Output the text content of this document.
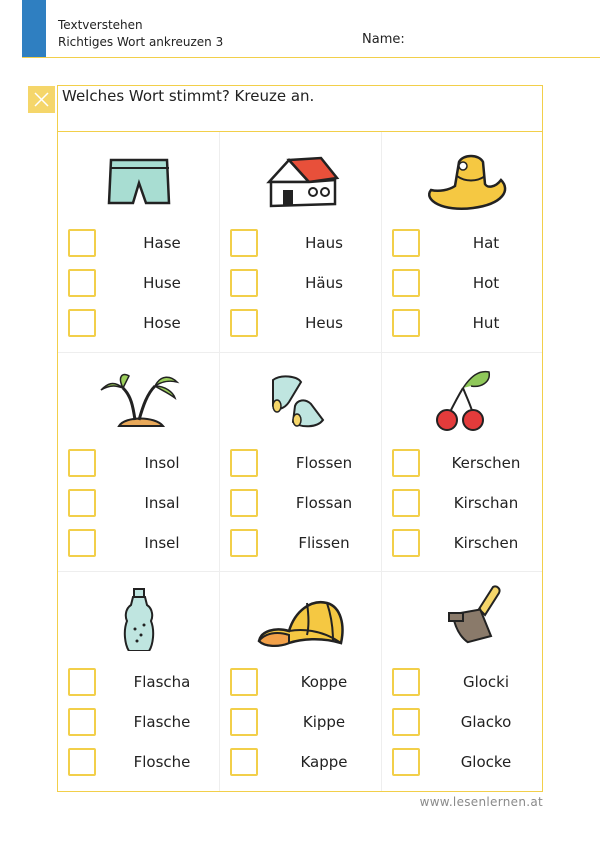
Textverstehen
Richtiges Wort ankreuzen 3	Name:
Welches Wort stimmt? Kreuze an.
Hase
Huse
Hose
Haus
Häus
Heus
Hat
Hot
Hut
Insol
Insal
Insel
Flossen
Flossan
Flissen
Kerschen
Kirschan
Kirschen
Flascha
Flasche
Flosche
Koppe
Kippe
Kappe
Glocki
Glacko
Glocke
www.lesenlernen.at
